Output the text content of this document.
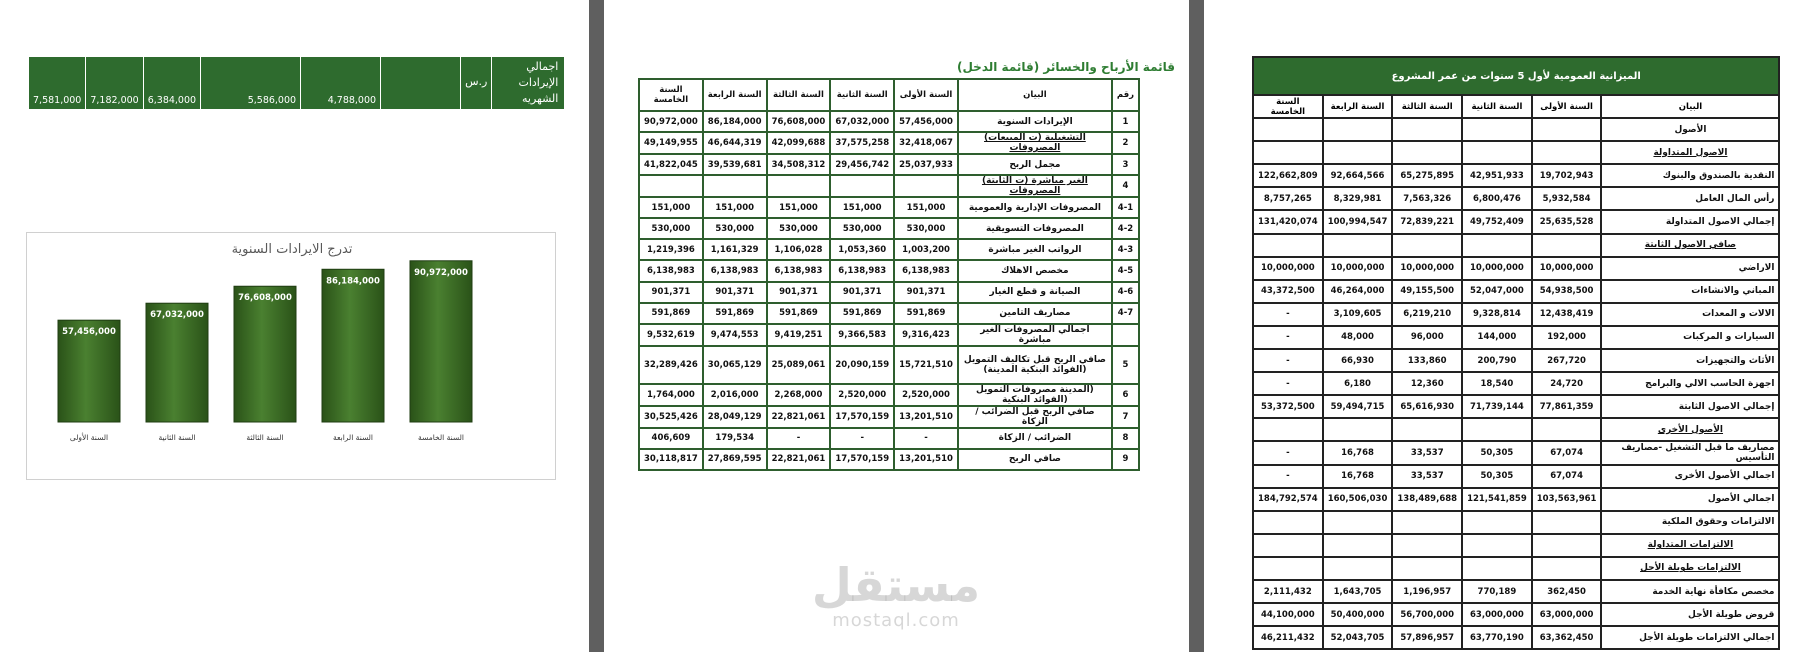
7,581,000	7,182,000	6,384,000	5,586,000	4,788,000		ر.س	اجمالي الإيرادات الشهريه
تدرج الايرادات السنوية
57,456,000
السنة الأولى
67,032,000
السنة الثانية
76,608,000
السنة الثالثة
86,184,000
السنة الرابعة
90,972,000
السنة الخامسة
قائمة الأرباح والخسائر (قائمة الدخل)
رقم	البيان	السنة الأولى	السنة الثانية	السنة الثالثة	السنة الرابعة	السنة الخامسة
1	الإيرادات السنوية	57,456,000	67,032,000	76,608,000	86,184,000	90,972,000
2	التشغيلية (ت المبيعات) المصروفات	32,418,067	37,575,258	42,099,688	46,644,319	49,149,955
3	مجمل الربح	25,037,933	29,456,742	34,508,312	39,539,681	41,822,045
4	الغير مباشرة (ت الثابتة) المصروفات					
4-1	المصروفات الإدارية والعمومية	151,000	151,000	151,000	151,000	151,000
4-2	المصروفات التسويقية	530,000	530,000	530,000	530,000	530,000
4-3	الرواتب الغير مباشرة	1,003,200	1,053,360	1,106,028	1,161,329	1,219,396
4-5	مخصص الاهلاك	6,138,983	6,138,983	6,138,983	6,138,983	6,138,983
4-6	الصيانة و قطع الغيار	901,371	901,371	901,371	901,371	901,371
4-7	مصاريف التامين	591,869	591,869	591,869	591,869	591,869
	اجمالي المصروفات الغير مباشرة	9,316,423	9,366,583	9,419,251	9,474,553	9,532,619
5	صافي الربح قبل تكاليف التمويل (الفوائد البنكية المدينة)	15,721,510	20,090,159	25,089,061	30,065,129	32,289,426
6	(المدينة مصروفات التمويل (الفوائد البنكية	2,520,000	2,520,000	2,268,000	2,016,000	1,764,000
7	صافي الربح قبل الضرائب / الزكاة	13,201,510	17,570,159	22,821,061	28,049,129	30,525,426
8	الضرائب / الزكاة	-	-	-	179,534	406,609
9	صافي الربح	13,201,510	17,570,159	22,821,061	27,869,595	30,118,817
الميزانية العمومية لأول 5 سنوات من عمر المشروع					
البيان	السنة الأولى	السنة الثانية	السنة الثالثة	السنة الرابعة	السنة الخامسة
الأصول					
الاصول المتداولة					
النقدية بالصندوق والبنوك	19,702,943	42,951,933	65,275,895	92,664,566	122,662,809
رأس المال العامل	5,932,584	6,800,476	7,563,326	8,329,981	8,757,265
إجمالي الاصول المتداولة	25,635,528	49,752,409	72,839,221	100,994,547	131,420,074
صافي الاصول الثابتة					
الاراضي	10,000,000	10,000,000	10,000,000	10,000,000	10,000,000
المباني والانشاءات	54,938,500	52,047,000	49,155,500	46,264,000	43,372,500
الالات و المعدات	12,438,419	9,328,814	6,219,210	3,109,605	-
السيارات و المركبات	192,000	144,000	96,000	48,000	-
الأثاث والتجهيزات	267,720	200,790	133,860	66,930	-
اجهزة الحاسب الالي والبرامج	24,720	18,540	12,360	6,180	-
إجمالي الاصول الثابتة	77,861,359	71,739,144	65,616,930	59,494,715	53,372,500
الأصول الأخرى					
مصاريف ما قبل التشغيل -مصاريف التأسيس	67,074	50,305	33,537	16,768	-
اجمالي الأصول الأخرى	67,074	50,305	33,537	16,768	-
اجمالي الأصول	103,563,961	121,541,859	138,489,688	160,506,030	184,792,574
الالتزامات وحقوق الملكية					
الالتزامات المتداولة					
الالتزامات طويلة الأجل					
مخصص مكافأة نهاية الخدمة	362,450	770,189	1,196,957	1,643,705	2,111,432
قروض طويلة الأجل	63,000,000	63,000,000	56,700,000	50,400,000	44,100,000
اجمالي الالتزامات طويلة الأجل	63,362,450	63,770,190	57,896,957	52,043,705	46,211,432
مستقل
mostaql.com
